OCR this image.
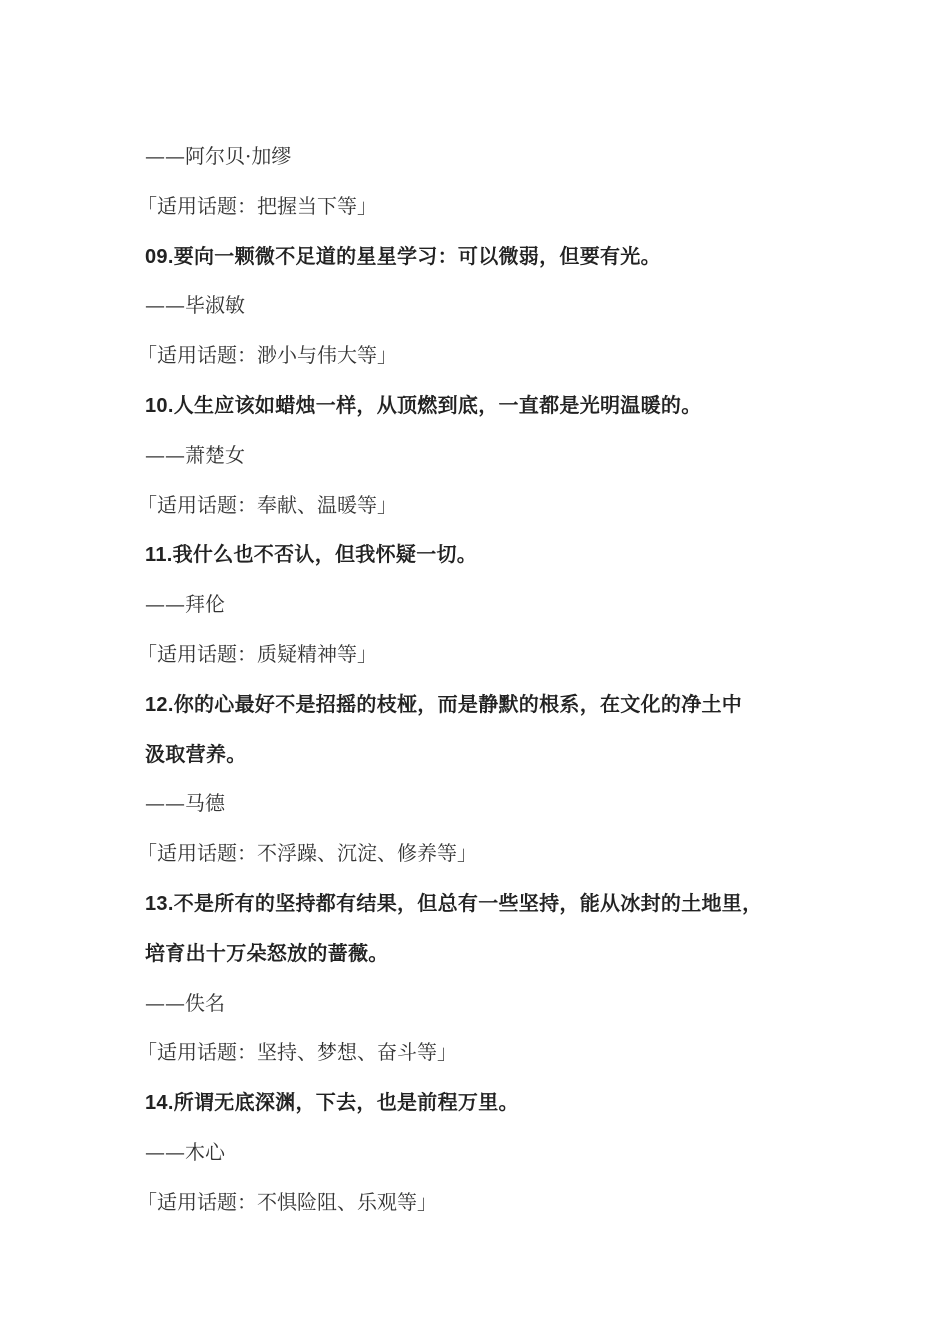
——阿尔贝·加缪
「适用话题：把握当下等」
09.要向一颗微不足道的星星学习：可以微弱，但要有光。
——毕淑敏
「适用话题：渺小与伟大等」
10.人生应该如蜡烛一样，从顶燃到底，一直都是光明温暖的。
——萧楚女
「适用话题：奉献、温暖等」
11.我什么也不否认，但我怀疑一切。
——拜伦
「适用话题：质疑精神等」
12.你的心最好不是招摇的枝桠，而是静默的根系，在文化的净土中
汲取营养。
——马德
「适用话题：不浮躁、沉淀、修养等」
13.不是所有的坚持都有结果，但总有一些坚持，能从冰封的土地里，
培育出十万朵怒放的蔷薇。
——佚名
「适用话题：坚持、梦想、奋斗等」
14.所谓无底深渊，下去，也是前程万里。
——木心
「适用话题：不惧险阻、乐观等」
